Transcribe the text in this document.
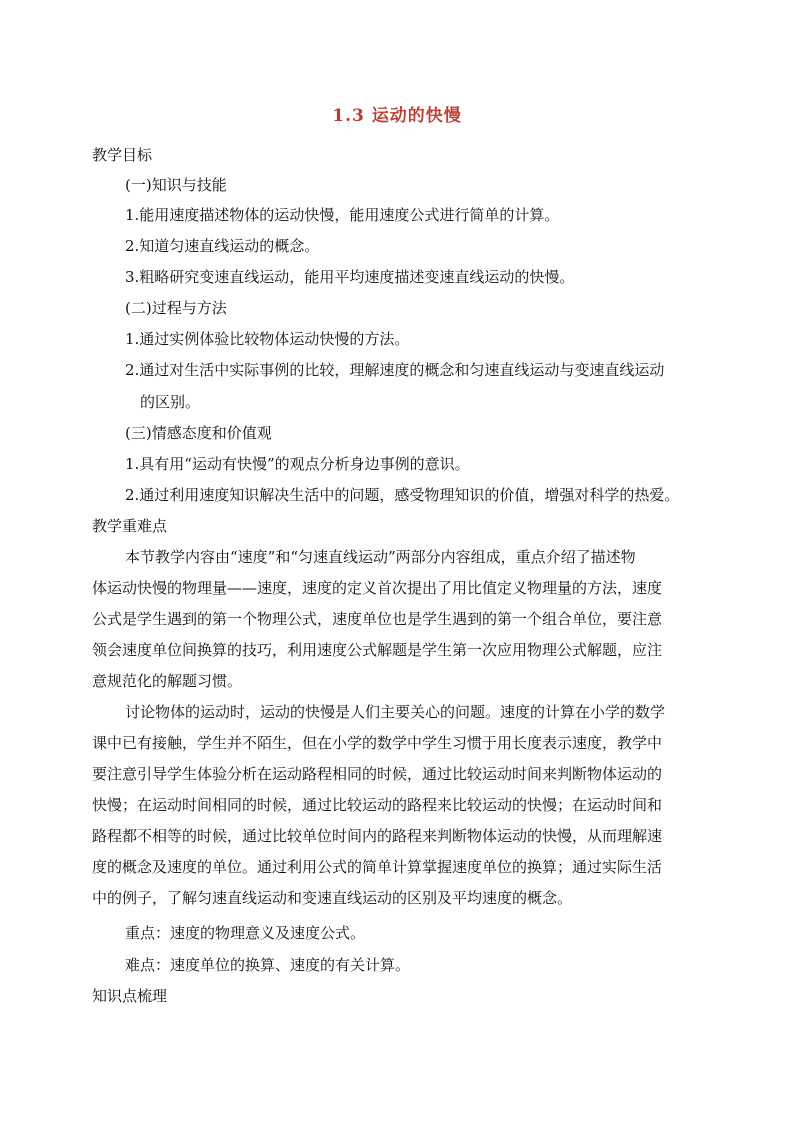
1.3 运动的快慢
教学目标
(一)知识与技能
1.能用速度描述物体的运动快慢，能用速度公式进行简单的计算。
2.知道匀速直线运动的概念。
3.粗略研究变速直线运动，能用平均速度描述变速直线运动的快慢。
(二)过程与方法
1.通过实例体验比较物体运动快慢的方法。
2.通过对生活中实际事例的比较，理解速度的概念和匀速直线运动与变速直线运动
的区别。
(三)情感态度和价值观
1.具有用“运动有快慢”的观点分析身边事例的意识。
2.通过利用速度知识解决生活中的问题，感受物理知识的价值，增强对科学的热爱。
教学重难点
本节教学内容由“速度”和“匀速直线运动”两部分内容组成，重点介绍了描述物
体运动快慢的物理量——速度，速度的定义首次提出了用比值定义物理量的方法，速度
公式是学生遇到的第一个物理公式，速度单位也是学生遇到的第一个组合单位，要注意
领会速度单位间换算的技巧，利用速度公式解题是学生第一次应用物理公式解题，应注
意规范化的解题习惯。
讨论物体的运动时，运动的快慢是人们主要关心的问题。速度的计算在小学的数学
课中已有接触，学生并不陌生，但在小学的数学中学生习惯于用长度表示速度，教学中
要注意引导学生体验分析在运动路程相同的时候，通过比较运动时间来判断物体运动的
快慢；在运动时间相同的时候，通过比较运动的路程来比较运动的快慢；在运动时间和
路程都不相等的时候，通过比较单位时间内的路程来判断物体运动的快慢，从而理解速
度的概念及速度的单位。通过利用公式的简单计算掌握速度单位的换算；通过实际生活
中的例子，了解匀速直线运动和变速直线运动的区别及平均速度的概念。
重点：速度的物理意义及速度公式。
难点：速度单位的换算、速度的有关计算。
知识点梳理
